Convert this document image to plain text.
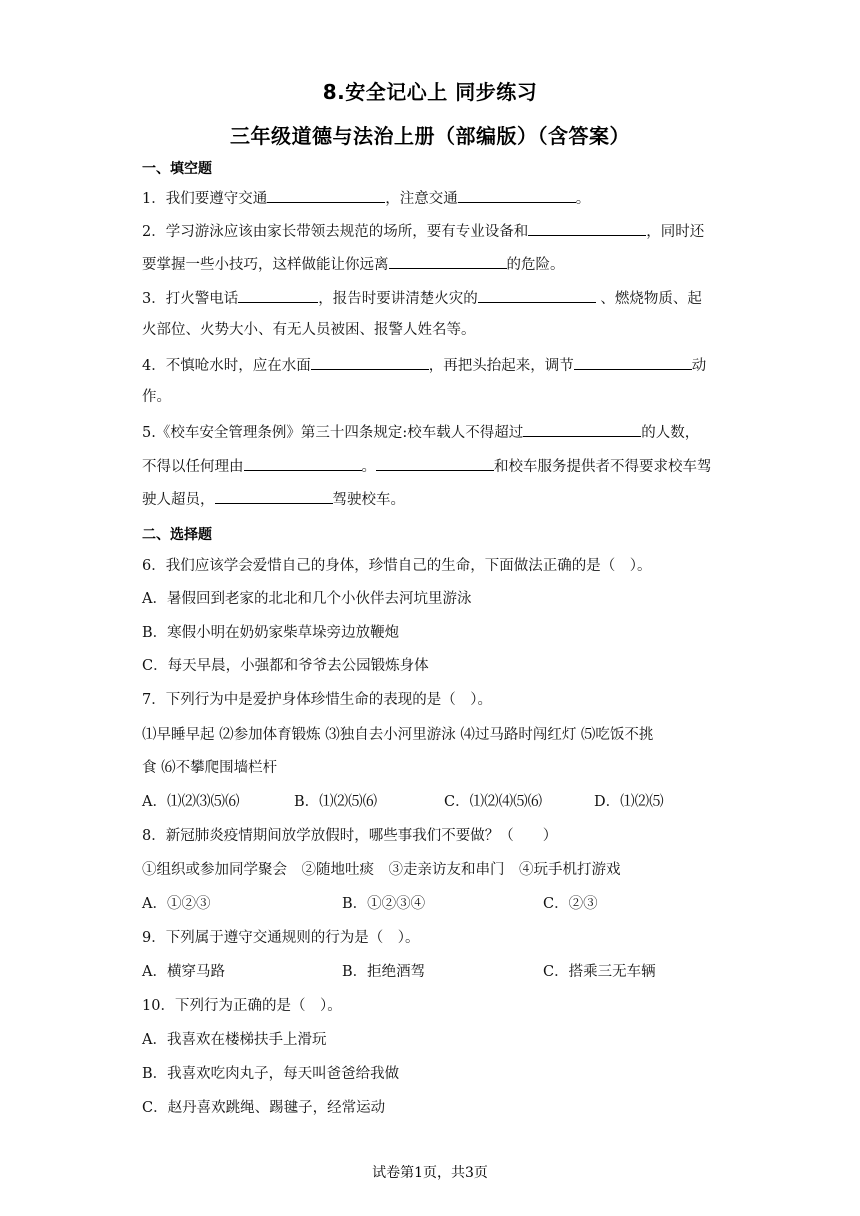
8.安全记心上 同步练习
三年级道德与法治上册（部编版）（含答案）
一、填空题
1．我们要遵守交通	，注意交通	。
2．学习游泳应该由家长带领去规范的场所，要有专业设备和	，同时还
要掌握一些小技巧，这样做能让你远离	的危险。
3．打火警电话	，报告时要讲清楚火灾的	、燃烧物质、起
火部位、火势大小、有无人员被困、报警人姓名等。
4．不慎呛水时，应在水面	，再把头抬起来，调节	动
作。
5.《校车安全管理条例》第三十四条规定:校车载人不得超过	的人数，
不得以任何理由	。	和校车服务提供者不得要求校车驾
驶人超员，	驾驶校车。
二、选择题
6．我们应该学会爱惜自己的身体，珍惜自己的生命，下面做法正确的是（　）。
A．暑假回到老家的北北和几个小伙伴去河坑里游泳
B．寒假小明在奶奶家柴草垛旁边放鞭炮
C．每天早晨，小强都和爷爷去公园锻炼身体
7．下列行为中是爱护身体珍惜生命的表现的是（　）。
⑴早睡早起 ⑵参加体育锻炼 ⑶独自去小河里游泳 ⑷过马路时闯红灯 ⑸吃饭不挑
食 ⑹不攀爬围墙栏杆
A．⑴⑵⑶⑸⑹	B．⑴⑵⑸⑹	C．⑴⑵⑷⑸⑹	D．⑴⑵⑸
8．新冠肺炎疫情期间放学放假时，哪些事我们不要做？（　　）
①组织或参加同学聚会　②随地吐痰　③走亲访友和串门　④玩手机打游戏
A．①②③	B．①②③④	C．②③
9．下列属于遵守交通规则的行为是（　）。
A．横穿马路	B．拒绝酒驾	C．搭乘三无车辆
10．下列行为正确的是（　）。
A．我喜欢在楼梯扶手上滑玩
B．我喜欢吃肉丸子，每天叫爸爸给我做
C．赵丹喜欢跳绳、踢毽子，经常运动
试卷第1页，共3页
